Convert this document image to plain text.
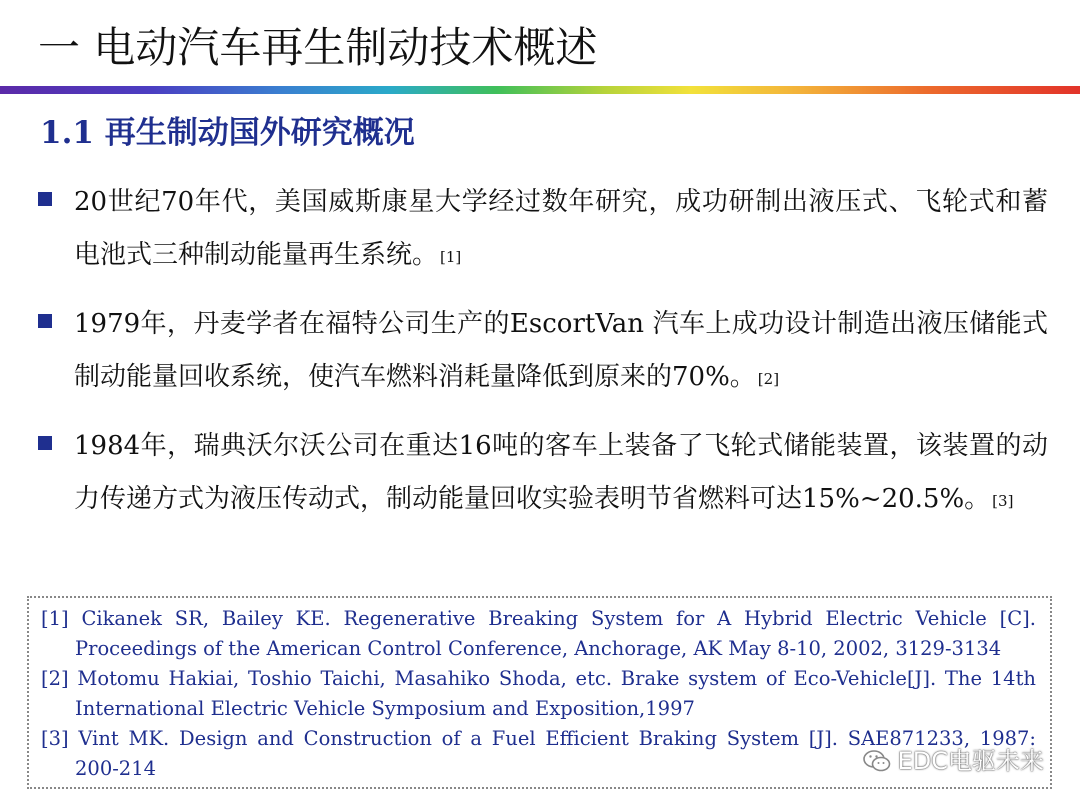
一 电动汽车再生制动技术概述
1.1 再生制动国外研究概况
20世纪70年代，美国威斯康星大学经过数年研究，成功研制出液压式、飞轮式和蓄电池式三种制动能量再生系统。 [1]
1979年，丹麦学者在福特公司生产的EscortVan 汽车上成功设计制造出液压储能式制动能量回收系统，使汽车燃料消耗量降低到原来的70%。 [2]
1984年，瑞典沃尔沃公司在重达16吨的客车上装备了飞轮式储能装置，该装置的动力传递方式为液压传动式，制动能量回收实验表明节省燃料可达15%~20.5%。 [3]
[1] Cikanek SR, Bailey KE. Regenerative Breaking System for A Hybrid Electric Vehicle [C]. Proceedings of the American Control Conference, Anchorage, AK May 8-10, 2002, 3129-3134
[2] Motomu Hakiai, Toshio Taichi, Masahiko Shoda, etc. Brake system of Eco-Vehicle[J]. The 14th International Electric Vehicle Symposium and Exposition,1997
[3] Vint MK. Design and Construction of a Fuel Efficient Braking System [J]. SAE871233, 1987: 200-214	EDC电驱未来
